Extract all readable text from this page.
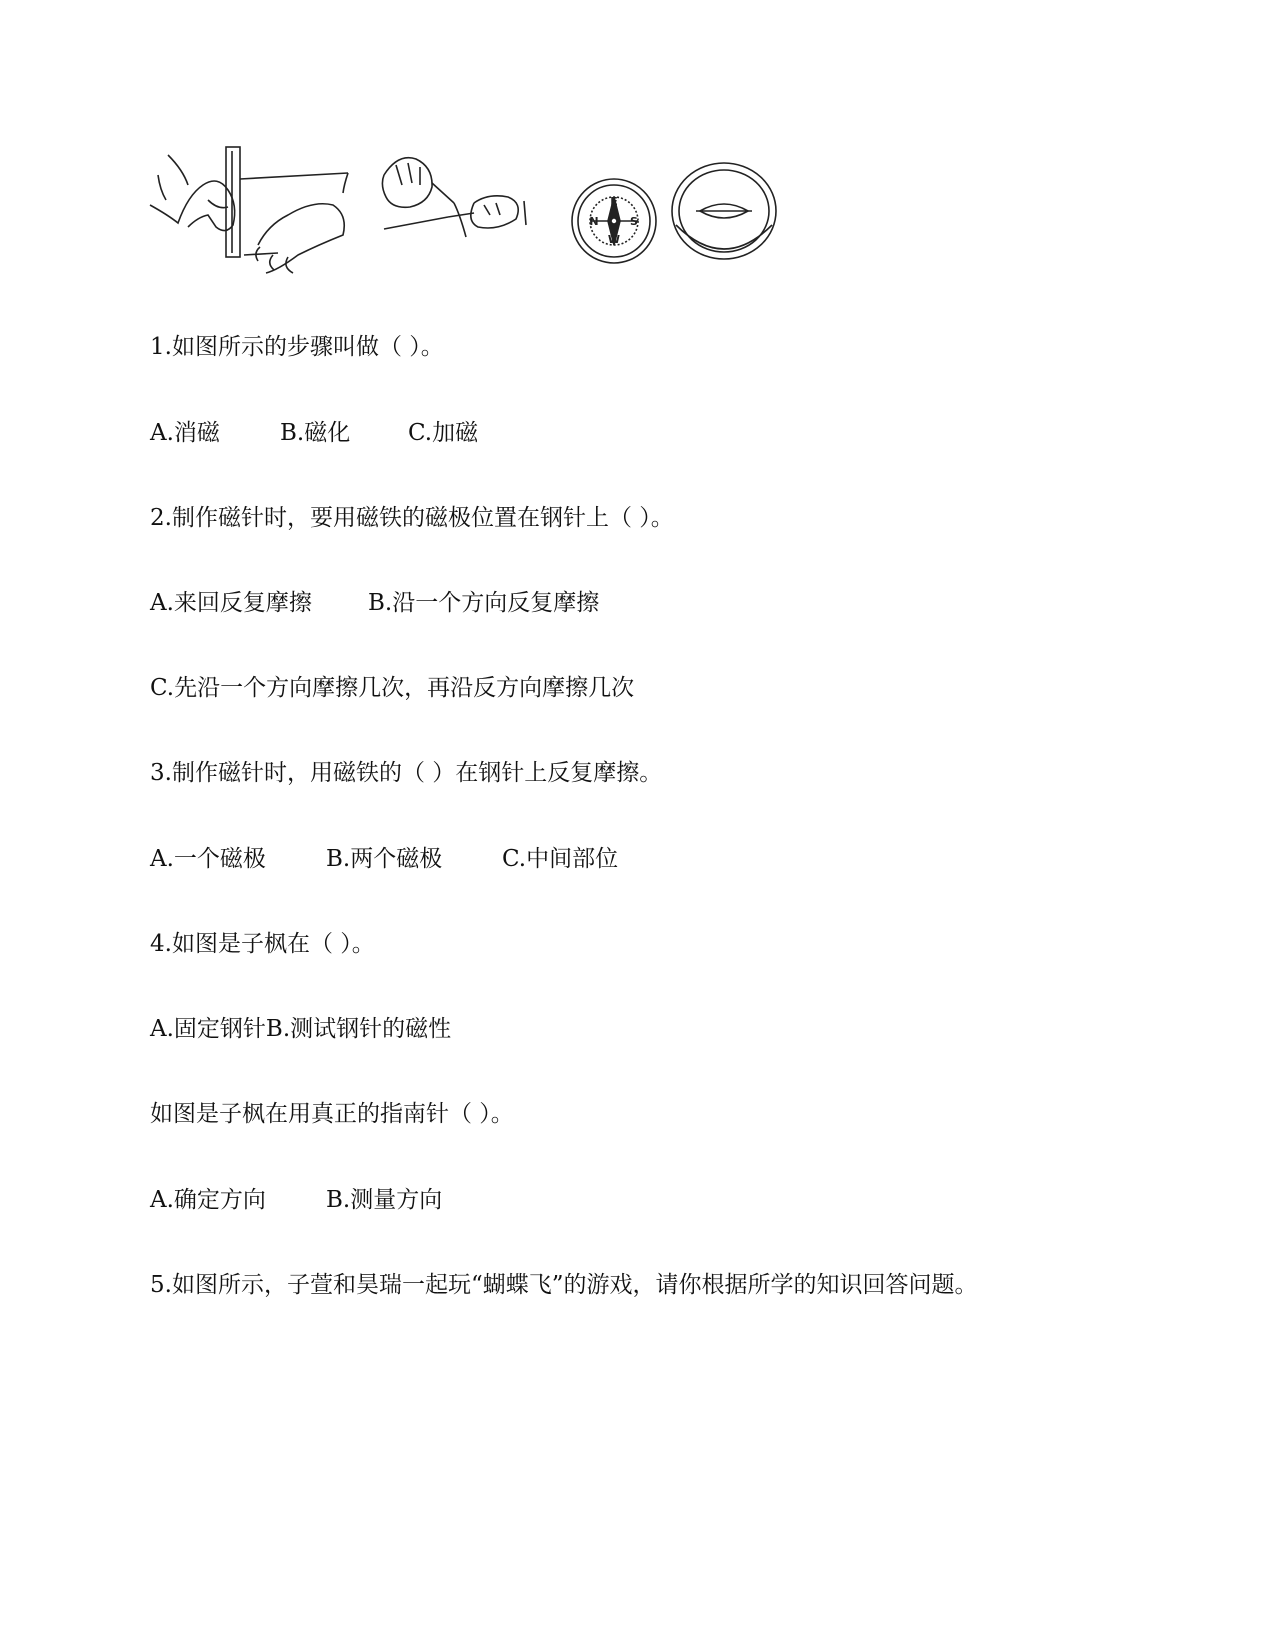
E
S
W
N
1.如图所示的步骤叫做（ ）。
A.消磁	B.磁化	C.加磁
2.制作磁针时，要用磁铁的磁极位置在钢针上（ ）。
A.来回反复摩擦 B.沿一个方向反复摩擦
C.先沿一个方向摩擦几次，再沿反方向摩擦几次
3.制作磁针时，用磁铁的（ ）在钢针上反复摩擦。
A.一个磁极	B.两个磁极	C.中间部位
4.如图是子枫在（ ）。
A.固定钢针B.测试钢针的磁性
如图是子枫在用真正的指南针（ ）。
A.确定方向	B.测量方向
5.如图所示，子萱和昊瑞一起玩“蝴蝶飞”的游戏，请你根据所学的知识回答问题。
